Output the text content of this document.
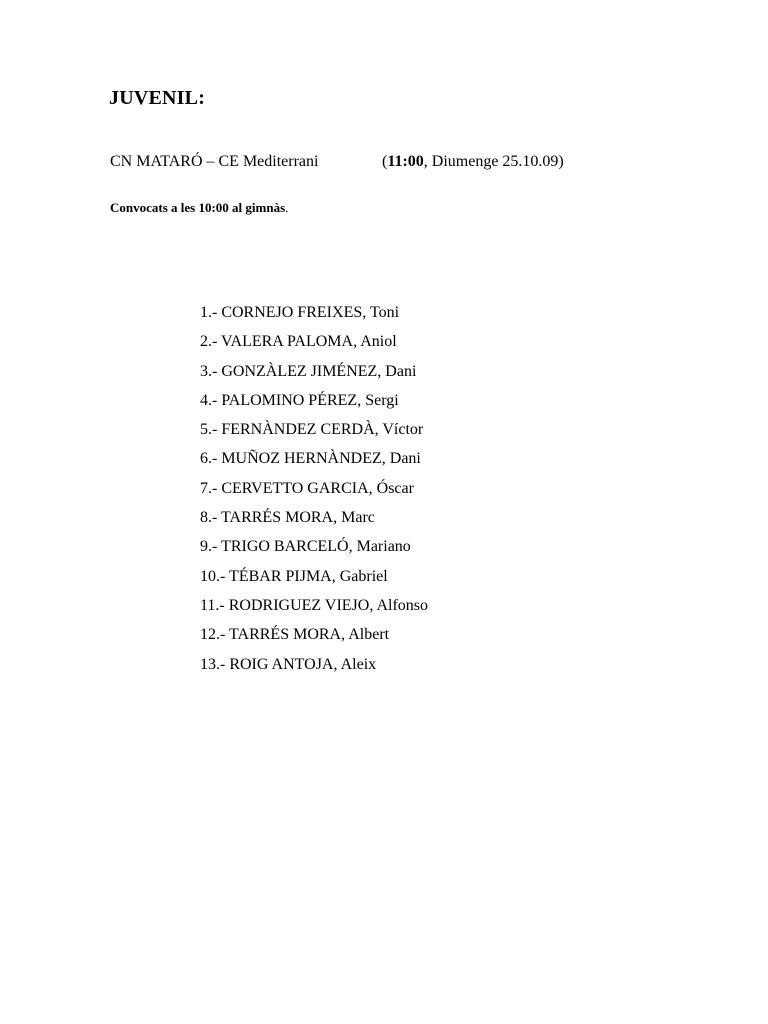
JUVENIL:
CN MATARÓ – CE Mediterrani	(11:00, Diumenge 25.10.09)
Convocats a les 10:00 al gimnàs.
1.- CORNEJO FREIXES, Toni
2.- VALERA PALOMA, Aniol
3.- GONZÀLEZ JIMÉNEZ, Dani
4.- PALOMINO PÉREZ, Sergi
5.- FERNÀNDEZ CERDÀ, Víctor
6.- MUÑOZ HERNÀNDEZ, Dani
7.- CERVETTO GARCIA, Óscar
8.- TARRÉS MORA, Marc
9.- TRIGO BARCELÓ, Mariano
10.- TÉBAR PIJMA, Gabriel
11.- RODRIGUEZ VIEJO, Alfonso
12.- TARRÉS MORA, Albert
13.- ROIG ANTOJA, Aleix
